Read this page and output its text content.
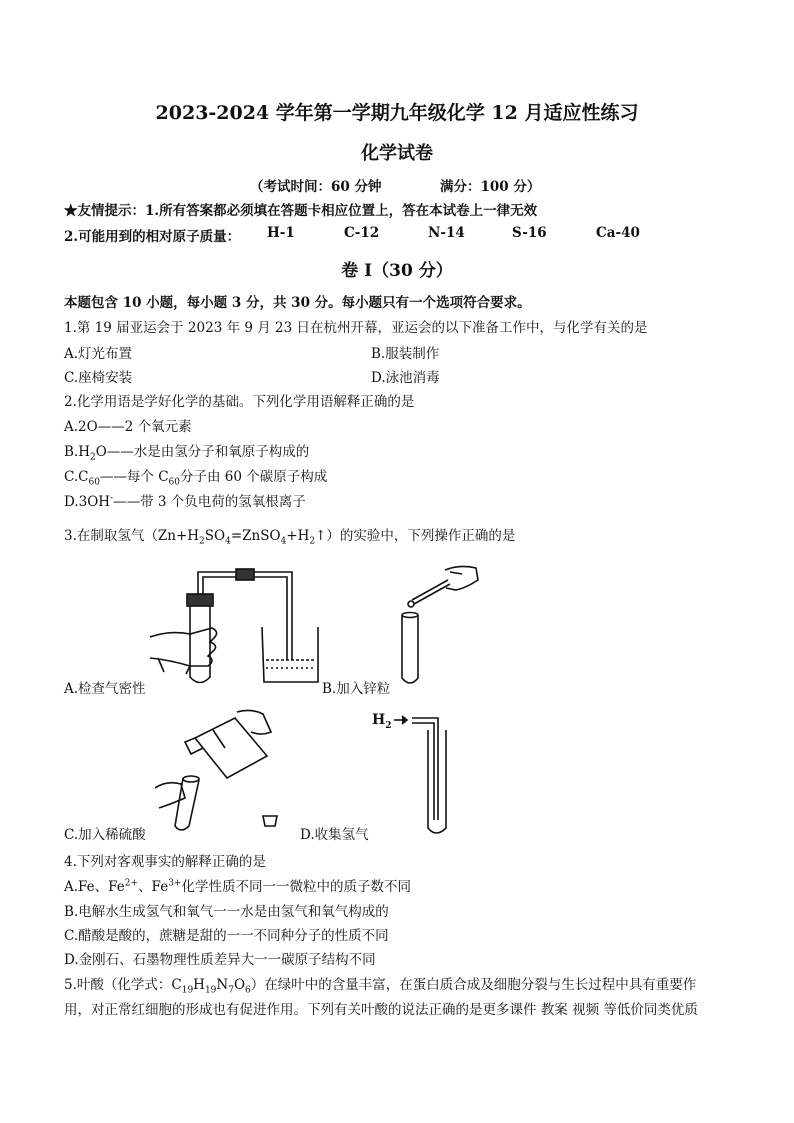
2023-2024 学年第一学期九年级化学 12 月适应性练习
化学试卷
（考试时间：60 分钟	满分：100 分）
★友情提示：1.所有答案都必须填在答题卡相应位置上，答在本试卷上一律无效
2.可能用到的相对原子质量： H-1	C-12	N-14	S-16	Ca-40
卷 I（30 分）
本题包含 10 小题，每小题 3 分，共 30 分。每小题只有一个选项符合要求。
1.第 19 届亚运会于 2023 年 9 月 23 日在杭州开幕，亚运会的以下准备工作中，与化学有关的是
A.灯光布置	B.服装制作
C.座椅安装	D.泳池消毒
2.化学用语是学好化学的基础。下列化学用语解释正确的是
A.2O——2 个氧元素
$B.H_2O——$水是由氢分子和氧原子构成的
$C.C_{60}——$每个 $C_{60}$分子由 60 个碳原子构成
D.3OH-——带 3 个负电荷的氢氧根离子
3.在制取氢气$(Zn+H_2SO_4=ZnSO_4+H_2↑)$的实验中，下列操作正确的是
A.检查气密性	B.加入锌粒
C.加入稀硫酸
$H_2$
D.收集氢气
4.下列对客观事实的解释正确的是
A.Fe、$Fe^{2+}$、$Fe^{3+}$化学性质不同一一微粒中的质子数不同
B.电解水生成氢气和氧气一一水是由氢气和氧气构成的
C.醋酸是酸的，蔗糖是甜的一一不同种分子的性质不同
D.金刚石、石墨物理性质差异大一一碳原子结构不同
5.叶酸（化学式：$C_{19}H_{19}N_7O_6$）在绿叶中的含量丰富，在蛋白质合成及细胞分裂与生长过程中具有重要作
用，对正常红细胞的形成也有促进作用。下列有关叶酸的说法正确的是更多课件 教案 视频 等低价同类优质
